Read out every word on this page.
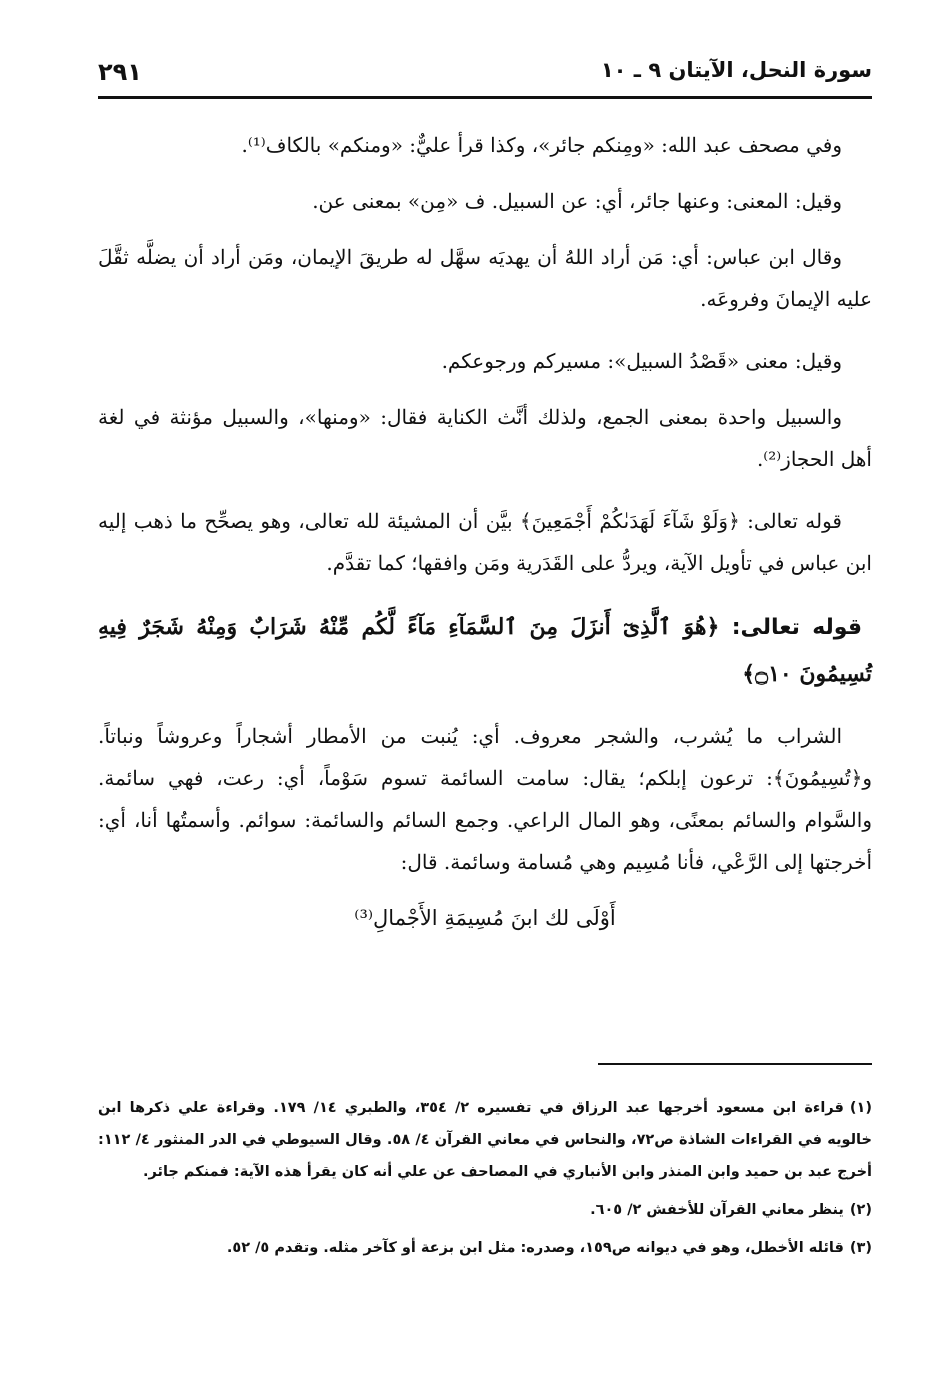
سورة النحل، الآيتان ٩ ـ ١٠
٢٩١

وفي مصحف عبد الله: «ومِنكم جائر»، وكذا قرأ عليٌّ: «ومنكم» بالكاف⁽¹⁾.

وقيل: المعنى: وعنها جائر، أي: عن السبيل. ف «مِن» بمعنى عن.

وقال ابن عباس: أي: مَن أراد اللهُ أن يهديَه سهَّل له طريقَ الإيمان، ومَن أراد أن يضلَّه ثقَّلَ عليه الإيمانَ وفروعَه.

وقيل: معنى «قَصْدُ السبيل»: مسيركم ورجوعكم.

والسبيل واحدة بمعنى الجمع، ولذلك أنَّث الكناية فقال: «ومنها»، والسبيل مؤنثة في لغة أهل الحجاز⁽²⁾.

قوله تعالى: ﴿وَلَوْ شَآءَ لَهَدَىٰكُمْ أَجْمَعِينَ﴾ بيَّن أن المشيئة لله تعالى، وهو يصحِّح ما ذهب إليه ابن عباس في تأويل الآية، ويردُّ على القَدَرية ومَن وافقها؛ كما تقدَّم.

قوله تعالى: ﴿هُوَ ٱلَّذِىٓ أَنزَلَ مِنَ ٱلسَّمَآءِ مَآءً لَّكُم مِّنْهُ شَرَابٌ وَمِنْهُ شَجَرٌ فِيهِ تُسِيمُونَ ۝١٠﴾

الشراب ما يُشرب، والشجر معروف. أي: يُنبت من الأمطار أشجاراً وعروشاً ونباتاً. و﴿تُسِيمُونَ﴾: ترعون إبلكم؛ يقال: سامت السائمة تسوم سَوْماً، أي: رعت، فهي سائمة. والسَّوام والسائم بمعنًى، وهو المال الراعي. وجمع السائم والسائمة: سوائم. وأسمتُها أنا، أي: أخرجتها إلى الرَّعْي، فأنا مُسِيم وهي مُسامة وسائمة. قال:

أَوْلَى لك ابنَ مُسِيمَةِ الأَجْمالِ⁽³⁾

(١)قراءة ابن مسعود أخرجها عبد الرزاق في تفسيره ٢/ ٣٥٤، والطبري ١٤/ ١٧٩. وقراءة علي ذكرها ابن خالويه في القراءات الشاذة ص٧٢، والنحاس في معاني القرآن ٤/ ٥٨. وقال السيوطي في الدر المنثور ٤/ ١١٢: أخرج عبد بن حميد وابن المنذر وابن الأنباري في المصاحف عن علي أنه كان يقرأ هذه الآية: فمنكم جائر.

(٢)ينظر معاني القرآن للأخفش ٢/ ٦٠٥.

(٣)قائله الأخطل، وهو في ديوانه ص١٥٩، وصدره: مثل ابن بزعة أو كآخر مثله. وتقدم ٥/ ٥٢.
